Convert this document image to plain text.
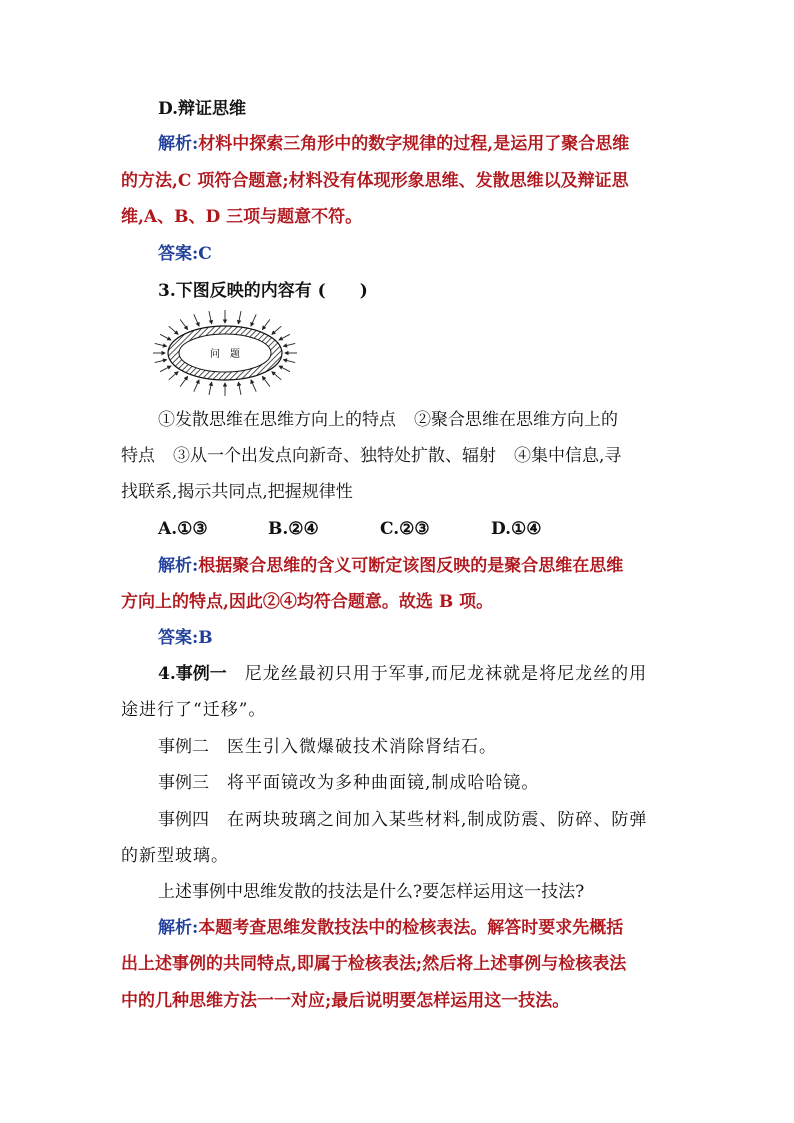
D.辩证思维
解析:材料中探索三角形中的数字规律的过程,是运用了聚合思维
的方法,C 项符合题意;材料没有体现形象思维、发散思维以及辩证思
维,A、B、D 三项与题意不符。
答案:C
3.下图反映的内容有 (　　)
问　题
①发散思维在思维方向上的特点 ②聚合思维在思维方向上的
特点 ③从一个出发点向新奇、独特处扩散、辐射 ④集中信息,寻
找联系,揭示共同点,把握规律性
A.①③	B.②④	C.②③	D.①④
解析:根据聚合思维的含义可断定该图反映的是聚合思维在思维
方向上的特点,因此②④均符合题意。故选 B 项。
答案:B
4.事例一 尼龙丝最初只用于军事,而尼龙袜就是将尼龙丝的用
途进行了“迁移”。
事例二 医生引入微爆破技术消除肾结石。
事例三 将平面镜改为多种曲面镜,制成哈哈镜。
事例四 在两块玻璃之间加入某些材料,制成防震、防碎、防弹
的新型玻璃。
上述事例中思维发散的技法是什么?要怎样运用这一技法?
解析:本题考查思维发散技法中的检核表法。解答时要求先概括
出上述事例的共同特点,即属于检核表法;然后将上述事例与检核表法
中的几种思维方法一一对应;最后说明要怎样运用这一技法。
